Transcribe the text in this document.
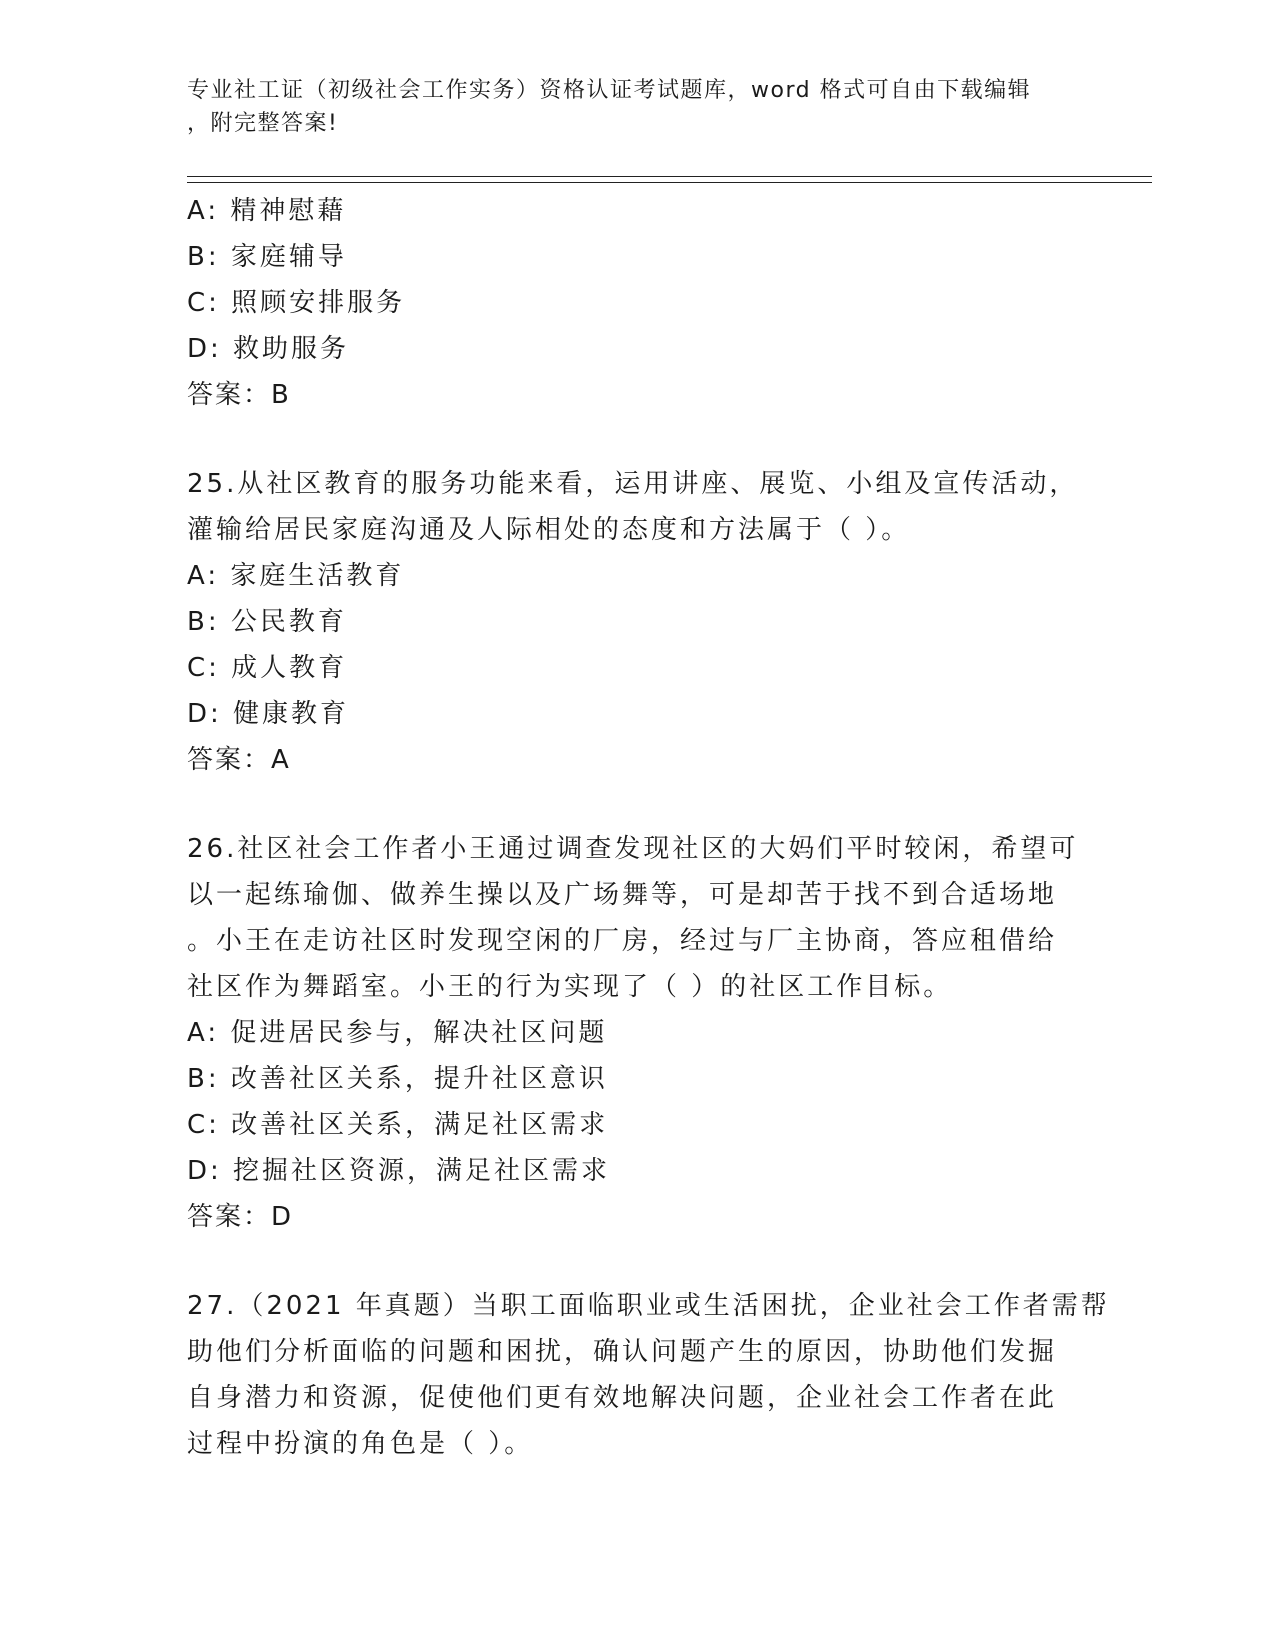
专业社工证（初级社会工作实务）资格认证考试题库，word 格式可自由下载编辑
，附完整答案!
A: 精神慰藉
B: 家庭辅导
C: 照顾安排服务
D: 救助服务
答案：B
25.从社区教育的服务功能来看，运用讲座、展览、小组及宣传活动，
灌输给居民家庭沟通及人际相处的态度和方法属于（ ）。
A: 家庭生活教育
B: 公民教育
C: 成人教育
D: 健康教育
答案：A
26.社区社会工作者小王通过调查发现社区的大妈们平时较闲，希望可
以一起练瑜伽、做养生操以及广场舞等，可是却苦于找不到合适场地
。小王在走访社区时发现空闲的厂房，经过与厂主协商，答应租借给
社区作为舞蹈室。小王的行为实现了（ ）的社区工作目标。
A: 促进居民参与，解决社区问题
B: 改善社区关系，提升社区意识
C: 改善社区关系，满足社区需求
D: 挖掘社区资源，满足社区需求
答案：D
27.（2021 年真题）当职工面临职业或生活困扰，企业社会工作者需帮
助他们分析面临的问题和困扰，确认问题产生的原因，协助他们发掘
自身潜力和资源，促使他们更有效地解决问题，企业社会工作者在此
过程中扮演的角色是（ ）。
